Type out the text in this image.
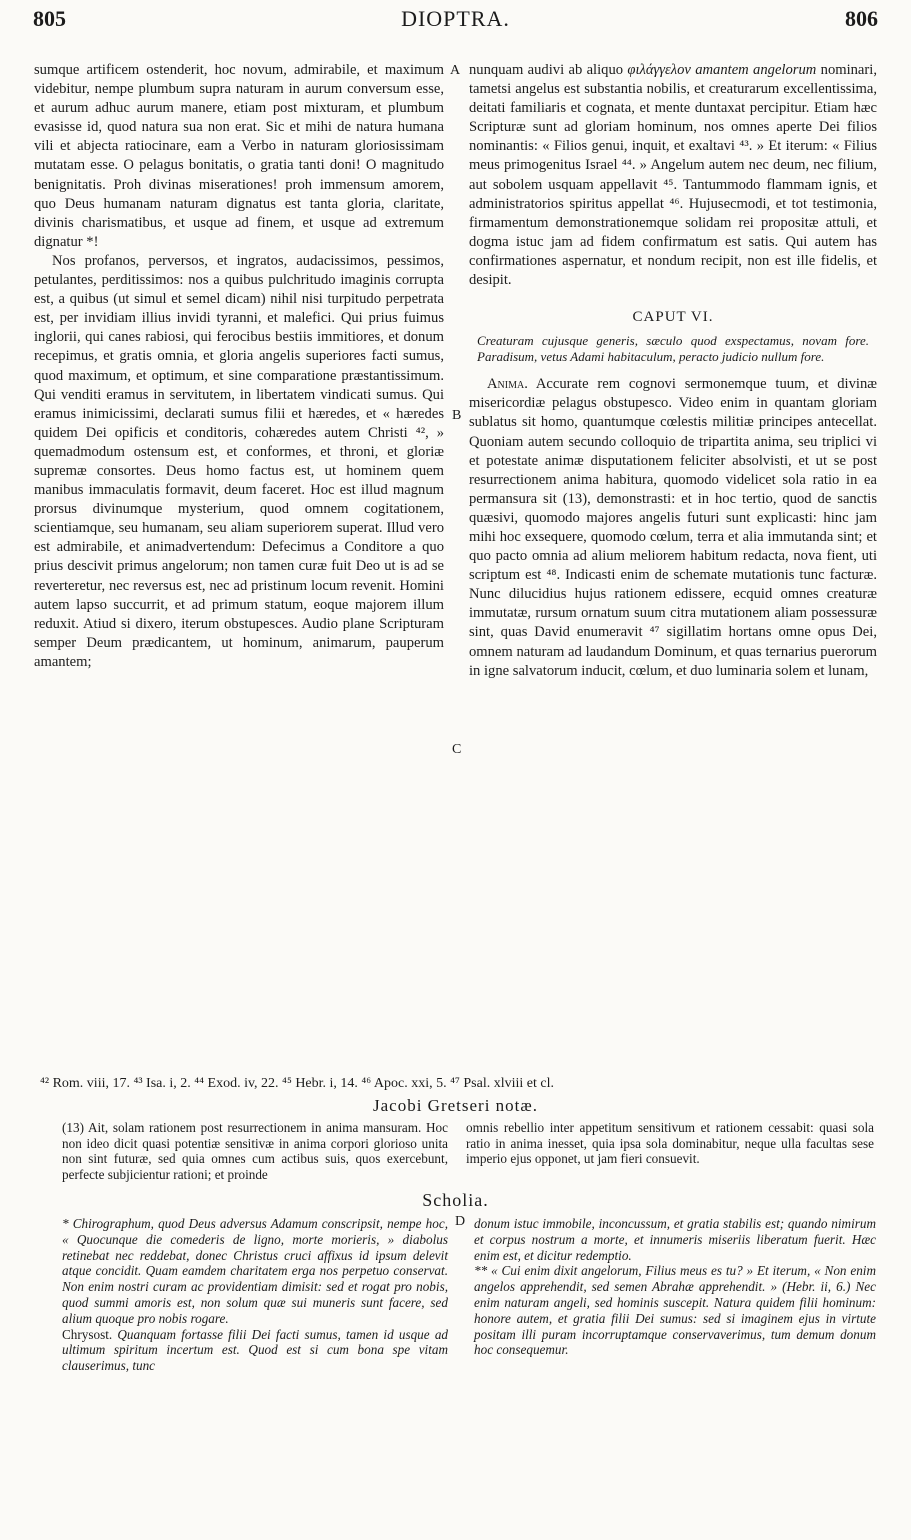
805	DIOPTRA.	806
A
B
C
D

sumque artificem ostenderit, hoc novum, admirabile, et maximum videbitur, nempe plumbum supra naturam in aurum conversum esse, et aurum adhuc aurum manere, etiam post mixturam, et plumbum evasisse id, quod natura sua non erat. Sic et mihi de natura humana vili et abjecta ratiocinare, eam a Verbo in naturam gloriosissimam mutatam esse. O pelagus bonitatis, o gratia tanti doni! O magnitudo benignitatis. Proh divinas miserationes! proh immensum amorem, quo Deus humanam naturam dignatus est tanta gloria, claritate, divinis charismatibus, et usque ad finem, et usque ad extremum dignatur *!

Nos profanos, perversos, et ingratos, audacissimos, pessimos, petulantes, perditissimos: nos a quibus pulchritudo imaginis corrupta est, a quibus (ut simul et semel dicam) nihil nisi turpitudo perpetrata est, per invidiam illius invidi tyranni, et malefici. Qui prius fuimus inglorii, qui canes rabiosi, qui ferocibus bestiis immitiores, et donum recepimus, et gratis omnia, et gloria angelis superiores facti sumus, quod maximum, et optimum, et sine comparatione præstantissimum. Qui venditi eramus in servitutem, in libertatem vindicati sumus. Qui eramus inimicissimi, declarati sumus filii et hæredes, et « hæredes quidem Dei opificis et conditoris, cohæredes autem Christi ⁴², » quemadmodum ostensum est, et conformes, et throni, et gloriæ supremæ consortes. Deus homo factus est, ut hominem quem manibus immaculatis formavit, deum faceret. Hoc est illud magnum prorsus divinumque mysterium, quod omnem cogitationem, scientiamque, seu humanam, seu aliam superiorem superat. Illud vero est admirabile, et animadvertendum: Defecimus a Conditore a quo prius descivit primus angelorum; non tamen curæ fuit Deo ut is ad se reverteretur, nec reversus est, nec ad pristinum locum revenit. Homini autem lapso succurrit, et ad primum statum, eoque majorem illum reduxit. Atiud si dixero, iterum obstupesces. Audio plane Scripturam semper Deum prædicantem, ut hominum, animarum, pauperum amantem;

nunquam audivi ab aliquo φιλάγγελον amantem angelorum nominari, tametsi angelus est substantia nobilis, et creaturarum excellentissima, deitati familiaris et cognata, et mente duntaxat percipitur. Etiam hæc Scripturæ sunt ad gloriam hominum, nos omnes aperte Dei filios nominantis: « Filios genui, inquit, et exaltavi ⁴³. » Et iterum: « Filius meus primogenitus Israel ⁴⁴. » Angelum autem nec deum, nec filium, aut sobolem usquam appellavit ⁴⁵. Tantummodo flammam ignis, et administratorios spiritus appellat ⁴⁶. Hujusecmodi, et tot testimonia, firmamentum demonstrationemque solidam rei propositæ attuli, et dogma istuc jam ad fidem confirmatum est satis. Qui autem has confirmationes aspernatur, et nondum recipit, non est ille fidelis, et desipit.

CAPUT VI.
Creaturam cujusque generis, sæculo quod exspectamus, novam fore. Paradisum, vetus Adami habitaculum, peracto judicio nullum fore.

Anima. Accurate rem cognovi sermonemque tuum, et divinæ misericordiæ pelagus obstupesco. Video enim in quantam gloriam sublatus sit homo, quantumque cœlestis militiæ principes antecellat. Quoniam autem secundo colloquio de tripartita anima, seu triplici vi et potestate animæ disputationem feliciter absolvisti, et ut se post resurrectionem anima habitura, quomodo videlicet sola ratio in ea permansura sit (13), demonstrasti: et in hoc tertio, quod de sanctis quæsivi, quomodo majores angelis futuri sunt explicasti: hinc jam mihi hoc exsequere, quomodo cœlum, terra et alia immutanda sint; et quo pacto omnia ad alium meliorem habitum redacta, nova fient, uti scriptum est ⁴⁸. Indicasti enim de schemate mutationis tunc facturæ. Nunc dilucidius hujus rationem edissere, ecquid omnes creaturæ immutatæ, rursum ornatum suum citra mutationem aliam possessuræ sint, quas David enumeravit ⁴⁷ sigillatim hortans omne opus Dei, omnem naturam ad laudandum Dominum, et quas ternarius puerorum in igne salvatorum inducit, cœlum, et duo luminaria solem et lunam,

⁴² Rom. viii, 17. ⁴³ Isa. i, 2. ⁴⁴ Exod. iv, 22. ⁴⁵ Hebr. i, 14. ⁴⁶ Apoc. xxi, 5. ⁴⁷ Psal. xlviii et cl.
Jacobi Gretseri notæ.
(13) Ait, solam rationem post resurrectionem in anima mansuram. Hoc non ideo dicit quasi potentiæ sensitivæ in anima corpori glorioso unita non sint futuræ, sed quia omnes cum actibus suis, quos exercebunt, perfecte subjicientur rationi; et proinde
omnis rebellio inter appetitum sensitivum et rationem cessabit: quasi sola ratio in anima inesset, quia ipsa sola dominabitur, neque ulla facultas sese imperio ejus opponet, ut jam fieri consuevit.
Scholia.

* Chirographum, quod Deus adversus Adamum conscripsit, nempe hoc, « Quocunque die comederis de ligno, morte morieris, » diabolus retinebat nec reddebat, donec Christus cruci affixus id ipsum delevit atque concidit. Quam eamdem charitatem erga nos perpetuo conservat. Non enim nostri curam ac providentiam dimisit: sed et rogat pro nobis, quod summi amoris est, non solum quæ sui muneris sunt facere, sed alium quoque pro nobis rogare.

Chrysost. Quanquam fortasse filii Dei facti sumus, tamen id usque ad ultimum spiritum incertum est. Quod est si cum bona spe vitam clauserimus, tunc

donum istuc immobile, inconcussum, et gratia stabilis est; quando nimirum et corpus nostrum a morte, et innumeris miseriis liberatum fuerit. Hæc enim est, et dicitur redemptio.

** « Cui enim dixit angelorum, Filius meus es tu? » Et iterum, « Non enim angelos apprehendit, sed semen Abrahæ apprehendit. » (Hebr. ii, 6.) Nec enim naturam angeli, sed hominis suscepit. Natura quidem filii hominum: honore autem, et gratia filii Dei sumus: sed si imaginem ejus in virtute positam illi puram incorruptamque conservaverimus, tum demum donum hoc consequemur.
